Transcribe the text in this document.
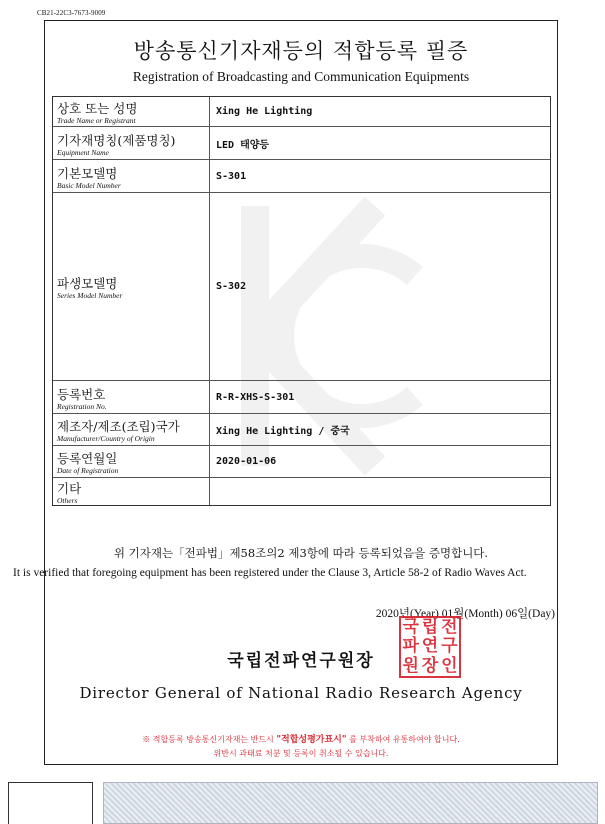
CB21-22C3-7673-9009
방송통신기자재등의 적합등록 필증
Registration of Broadcasting and Communication Equipments
상호 또는 성명
Trade Name or Registrant
Xing He Lighting
기자재명칭(제품명칭)
Equipment Name
LED 태양등
기본모델명
Basic Model Number
S-301
파생모델명
Series Model Number
S-302
등록번호
Registration No.
R-R-XHS-S-301
제조자/제조(조립)국가
Manufacturer/Country of Origin
Xing He Lighting / 중국
등록연월일
Date of Registration
2020-01-06
기타
Others
위 기자재는「전파법」제58조의2 제3항에 따라 등록되었음을 증명합니다.
It is verified that foregoing equipment has been registered under the Clause 3, Article 58-2 of Radio Waves Act.
2020년(Year) 01월(Month) 06일(Day)
국 립 전
파 연 구
원 장 인
국립전파연구원장
Director General of National Radio Research Agency
※ 적합등록 방송통신기자재는 반드시 "적합성평가표시" 를 부착하여 유통하여야 합니다.
위반시 과태료 처분 및 등록이 취소될 수 있습니다.
